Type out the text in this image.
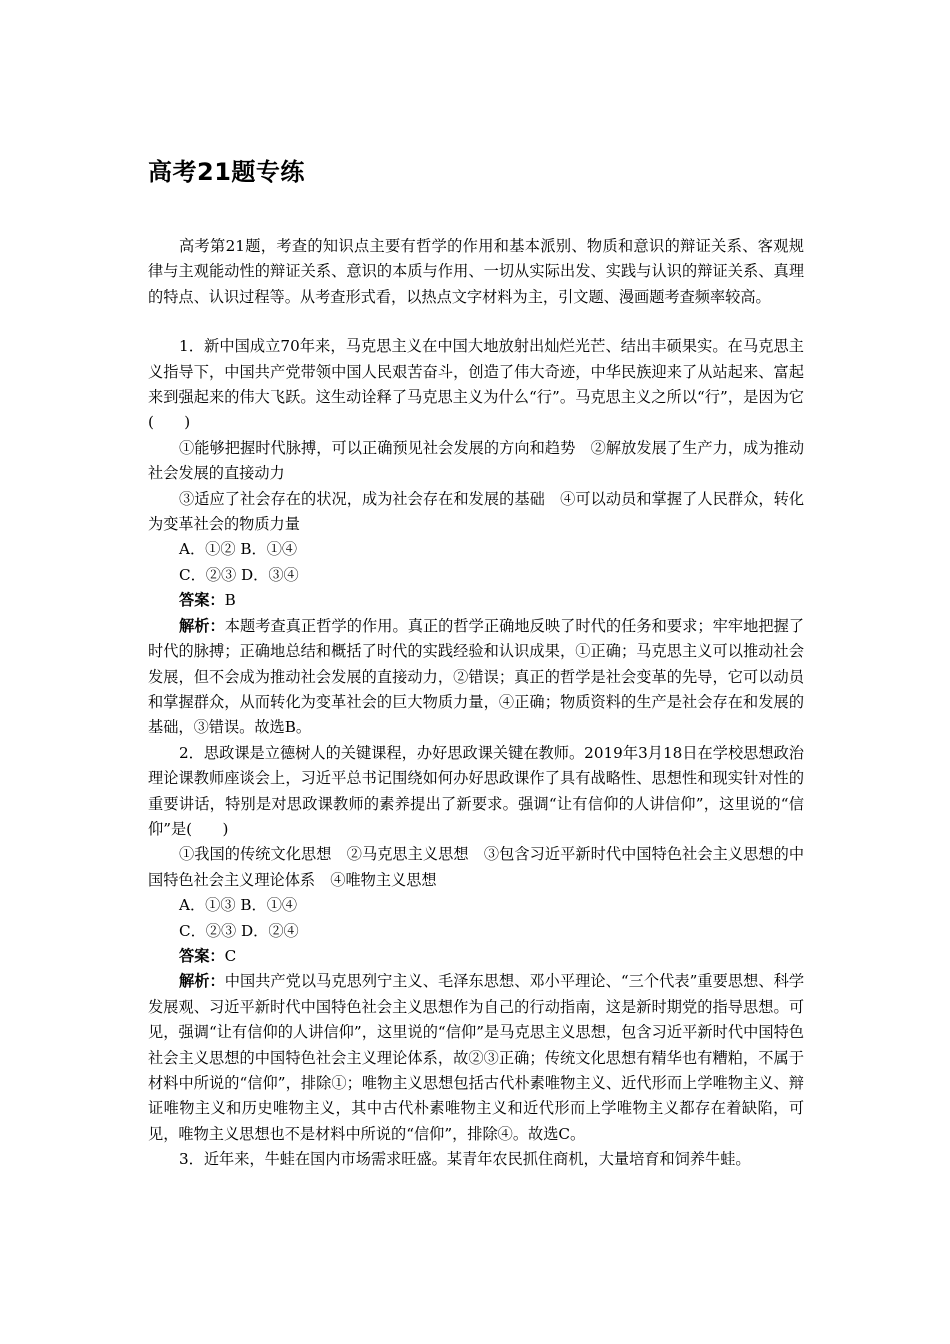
高考21题专练

高考第21题，考查的知识点主要有哲学的作用和基本派别、物质和意识的辩证关系、客观规律与主观能动性的辩证关系、意识的本质与作用、一切从实际出发、实践与认识的辩证关系、真理的特点、认识过程等。从考查形式看，以热点文字材料为主，引文题、漫画题考查频率较高。

1．新中国成立70年来，马克思主义在中国大地放射出灿烂光芒、结出丰硕果实。在马克思主义指导下，中国共产党带领中国人民艰苦奋斗，创造了伟大奇迹，中华民族迎来了从站起来、富起来到强起来的伟大飞跃。这生动诠释了马克思主义为什么“行”。马克思主义之所以“行”，是因为它(　　)

①能够把握时代脉搏，可以正确预见社会发展的方向和趋势　②解放发展了生产力，成为推动社会发展的直接动力

③适应了社会存在的状况，成为社会存在和发展的基础　④可以动员和掌握了人民群众，转化为变革社会的物质力量

A．①② B．①④

C．②③ D．③④

答案：B

解析：本题考查真正哲学的作用。真正的哲学正确地反映了时代的任务和要求；牢牢地把握了时代的脉搏；正确地总结和概括了时代的实践经验和认识成果，①正确；马克思主义可以推动社会发展，但不会成为推动社会发展的直接动力，②错误；真正的哲学是社会变革的先导，它可以动员和掌握群众，从而转化为变革社会的巨大物质力量，④正确；物质资料的生产是社会存在和发展的基础，③错误。故选B。

2．思政课是立德树人的关键课程，办好思政课关键在教师。2019年3月18日在学校思想政治理论课教师座谈会上，习近平总书记围绕如何办好思政课作了具有战略性、思想性和现实针对性的重要讲话，特别是对思政课教师的素养提出了新要求。强调“让有信仰的人讲信仰”，这里说的“信仰”是(　　)

①我国的传统文化思想　②马克思主义思想　③包含习近平新时代中国特色社会主义思想的中国特色社会主义理论体系　④唯物主义思想

A．①③ B．①④

C．②③ D．②④

答案：C

解析：中国共产党以马克思列宁主义、毛泽东思想、邓小平理论、“三个代表”重要思想、科学发展观、习近平新时代中国特色社会主义思想作为自己的行动指南，这是新时期党的指导思想。可见，强调“让有信仰的人讲信仰”，这里说的“信仰”是马克思主义思想，包含习近平新时代中国特色社会主义思想的中国特色社会主义理论体系，故②③正确；传统文化思想有精华也有糟粕，不属于材料中所说的“信仰”，排除①；唯物主义思想包括古代朴素唯物主义、近代形而上学唯物主义、辩证唯物主义和历史唯物主义，其中古代朴素唯物主义和近代形而上学唯物主义都存在着缺陷，可见，唯物主义思想也不是材料中所说的“信仰”，排除④。故选C。

3．近年来，牛蛙在国内市场需求旺盛。某青年农民抓住商机，大量培育和饲养牛蛙。
